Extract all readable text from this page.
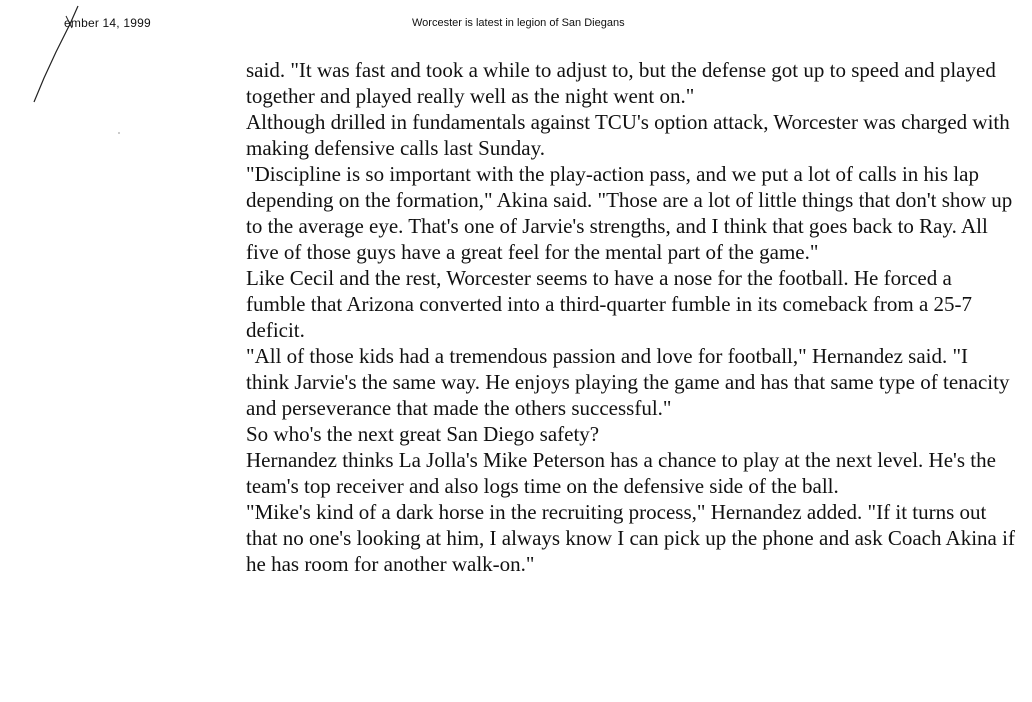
ember 14, 1999	Worcester is latest in legion of San Diegans

said. "It was fast and took a while to adjust to, but the defense got up to speed and played together and played really well as the night went on."

Although drilled in fundamentals against TCU's option attack, Worcester was charged with making defensive calls last Sunday.

"Discipline is so important with the play-action pass, and we put a lot of calls in his lap depending on the formation," Akina said. "Those are a lot of little things that don't show up to the average eye. That's one of Jarvie's strengths, and I think that goes back to Ray. All five of those guys have a great feel for the mental part of the game."

Like Cecil and the rest, Worcester seems to have a nose for the football. He forced a fumble that Arizona converted into a third-quarter fumble in its comeback from a 25-7 deficit.

"All of those kids had a tremendous passion and love for football," Hernandez said. "I think Jarvie's the same way. He enjoys playing the game and has that same type of tenacity and perseverance that made the others successful."

So who's the next great San Diego safety?

Hernandez thinks La Jolla's Mike Peterson has a chance to play at the next level. He's the team's top receiver and also logs time on the defensive side of the ball.

"Mike's kind of a dark horse in the recruiting process," Hernandez added. "If it turns out that no one's looking at him, I always know I can pick up the phone and ask Coach Akina if he has room for another walk-on."
